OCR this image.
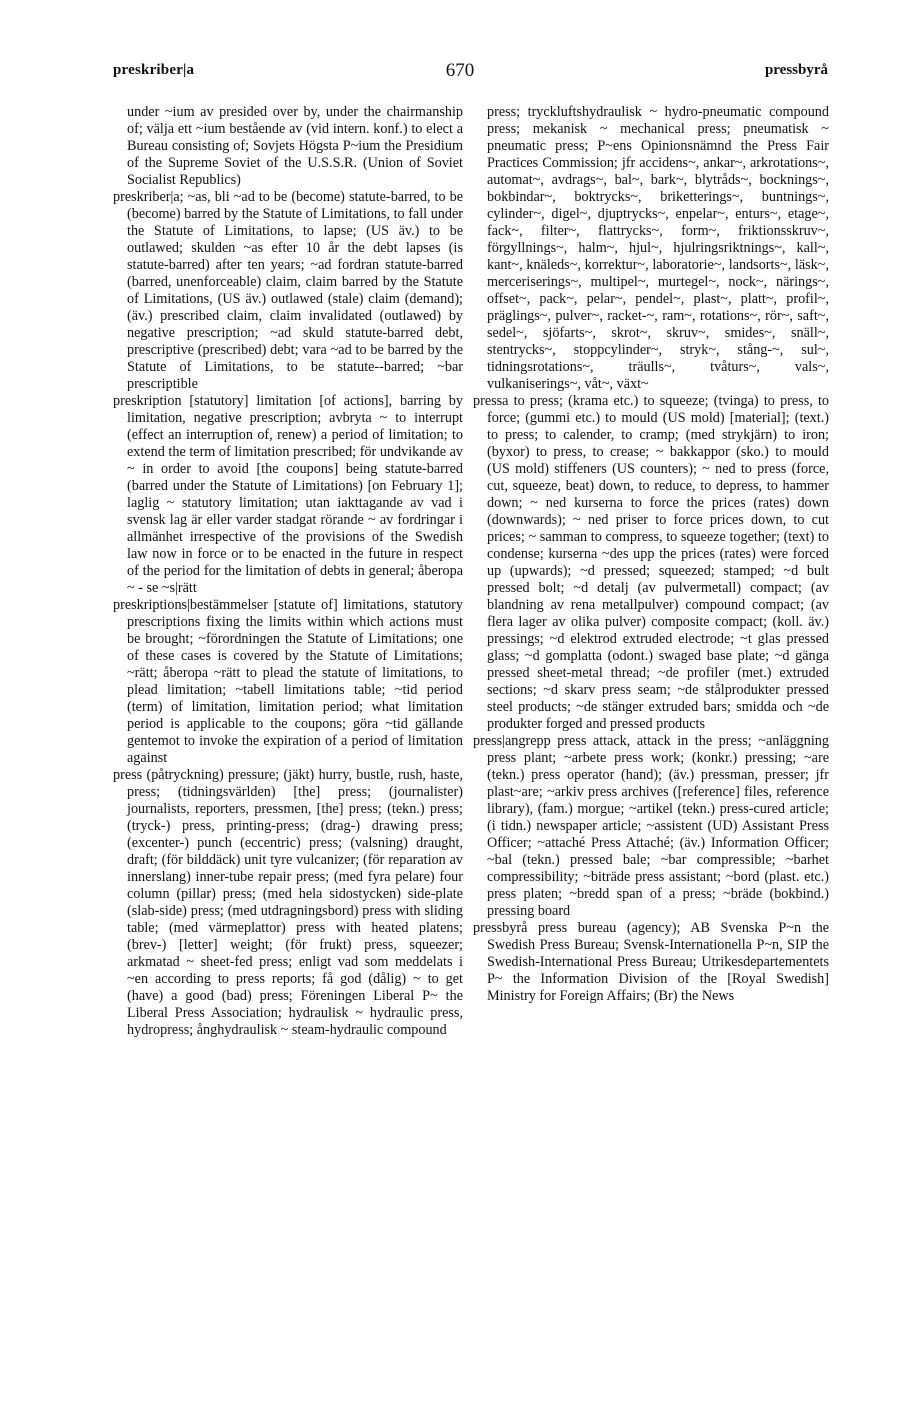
preskriber|a	670	pressbyrå
under ~ium av presided over by, under the chairmanship of; välja ett ~ium bestående av (vid intern. konf.) to elect a Bureau consisting of; Sovjets Högsta P~ium the Presidium of the Supreme Soviet of the U.S.S.R. (Union of Soviet Socialist Republics)
preskriber|a; ~as, bli ~ad to be (become) statute-barred, to be (become) barred by the Statute of Limitations, to fall under the Statute of Limitations, to lapse; (US äv.) to be outlawed; skulden ~as efter 10 år the debt lapses (is statute-barred) after ten years; ~ad fordran statute-barred (barred, unenforceable) claim, claim barred by the Statute of Limitations, (US äv.) outlawed (stale) claim (demand); (äv.) prescribed claim, claim invalidated (outlawed) by negative prescription; ~ad skuld statute-barred debt, prescriptive (prescribed) debt; vara ~ad to be barred by the Statute of Limitations, to be statute--barred; ~bar prescriptible
preskription [statutory] limitation [of actions], barring by limitation, negative prescription; avbryta ~ to interrupt (effect an interruption of, renew) a period of limitation; to extend the term of limitation prescribed; för undvikande av ~ in order to avoid [the coupons] being statute-barred (barred under the Statute of Limitations) [on February 1]; laglig ~ statutory limitation; utan iakttagande av vad i svensk lag är eller varder stadgat rörande ~ av fordringar i allmänhet irrespective of the provisions of the Swedish law now in force or to be enacted in the future in respect of the period for the limitation of debts in general; åberopa ~ - se ~s|rätt
preskriptions|bestämmelser [statute of] limitations, statutory prescriptions fixing the limits within which actions must be brought; ~förordningen the Statute of Limitations; one of these cases is covered by the Statute of Limitations; ~rätt; åberopa ~rätt to plead the statute of limitations, to plead limitation; ~tabell limitations table; ~tid period (term) of limitation, limitation period; what limitation period is applicable to the coupons; göra ~tid gällande gentemot to invoke the expiration of a period of limitation against
press (påtryckning) pressure; (jäkt) hurry, bustle, rush, haste, press; (tidningsvärlden) [the] press; (journalister) journalists, reporters, pressmen, [the] press; (tekn.) press; (tryck-) press, printing-press; (drag-) drawing press; (excenter-) punch (eccentric) press; (valsning) draught, draft; (för bilddäck) unit tyre vulcanizer; (för reparation av innerslang) inner-tube repair press; (med fyra pelare) four column (pillar) press; (med hela sidostycken) side-plate (slab-side) press; (med utdragningsbord) press with sliding table; (med värmeplattor) press with heated platens; (brev-) [letter] weight; (för frukt) press, squeezer; arkmatad ~ sheet-fed press; enligt vad som meddelats i ~en according to press reports; få god (dålig) ~ to get (have) a good (bad) press; Föreningen Liberal P~ the Liberal Press Association; hydraulisk ~ hydraulic press, hydropress; ånghydraulisk ~ steam-hydraulic compound
press; tryckluftshydraulisk ~ hydro-pneumatic compound press; mekanisk ~ mechanical press; pneumatisk ~ pneumatic press; P~ens Opinionsnämnd the Press Fair Practices Commission; jfr accidens~, ankar~, arkrotations~, automat~, avdrags~, bal~, bark~, blytråds~, bocknings~, bokbindar~, boktrycks~, briketterings~, buntnings~, cylinder~, digel~, djuptrycks~, enpelar~, enturs~, etage~, fack~, filter~, flattrycks~, form~, friktionsskruv~, förgyllnings~, halm~, hjul~, hjulringsriktnings~, kall~, kant~, knäleds~, korrektur~, laboratorie~, landsorts~, läsk~, merceriserings~, multipel~, murtegel~, nock~, närings~, offset~, pack~, pelar~, pendel~, plast~, platt~, profil~, präglings~, pulver~, racket-~, ram~, rotations~, rör~, saft~, sedel~, sjöfarts~, skrot~, skruv~, smides~, snäll~, stentrycks~, stoppcylinder~, stryk~, stång-~, sul~, tidningsrotations~, träulls~, tvåturs~, vals~, vulkaniserings~, våt~, växt~
pressa to press; (krama etc.) to squeeze; (tvinga) to press, to force; (gummi etc.) to mould (US mold) [material]; (text.) to press; to calender, to cramp; (med strykjärn) to iron; (byxor) to press, to crease; ~ bakkappor (sko.) to mould (US mold) stiffeners (US counters); ~ ned to press (force, cut, squeeze, beat) down, to reduce, to depress, to hammer down; ~ ned kurserna to force the prices (rates) down (downwards); ~ ned priser to force prices down, to cut prices; ~ samman to compress, to squeeze together; (text) to condense; kurserna ~des upp the prices (rates) were forced up (upwards); ~d pressed; squeezed; stamped; ~d bult pressed bolt; ~d detalj (av pulvermetall) compact; (av blandning av rena metallpulver) compound compact; (av flera lager av olika pulver) composite compact; (koll. äv.) pressings; ~d elektrod extruded electrode; ~t glas pressed glass; ~d gomplatta (odont.) swaged base plate; ~d gänga pressed sheet-metal thread; ~de profiler (met.) extruded sections; ~d skarv press seam; ~de stålprodukter pressed steel products; ~de stänger extruded bars; smidda och ~de produkter forged and pressed products
press|angrepp press attack, attack in the press; ~anläggning press plant; ~arbete press work; (konkr.) pressing; ~are (tekn.) press operator (hand); (äv.) pressman, presser; jfr plast~are; ~arkiv press archives ([reference] files, reference library), (fam.) morgue; ~artikel (tekn.) press-cured article; (i tidn.) newspaper article; ~assistent (UD) Assistant Press Officer; ~attaché Press Attaché; (äv.) Information Officer; ~bal (tekn.) pressed bale; ~bar compressible; ~barhet compressibility; ~biträde press assistant; ~bord (plast. etc.) press platen; ~bredd span of a press; ~bräde (bokbind.) pressing board
pressbyrå press bureau (agency); AB Svenska P~n the Swedish Press Bureau; Svensk-Internationella P~n, SIP the Swedish-International Press Bureau; Utrikesdepartementets P~ the Information Division of the [Royal Swedish] Ministry for Foreign Affairs; (Br) the News
